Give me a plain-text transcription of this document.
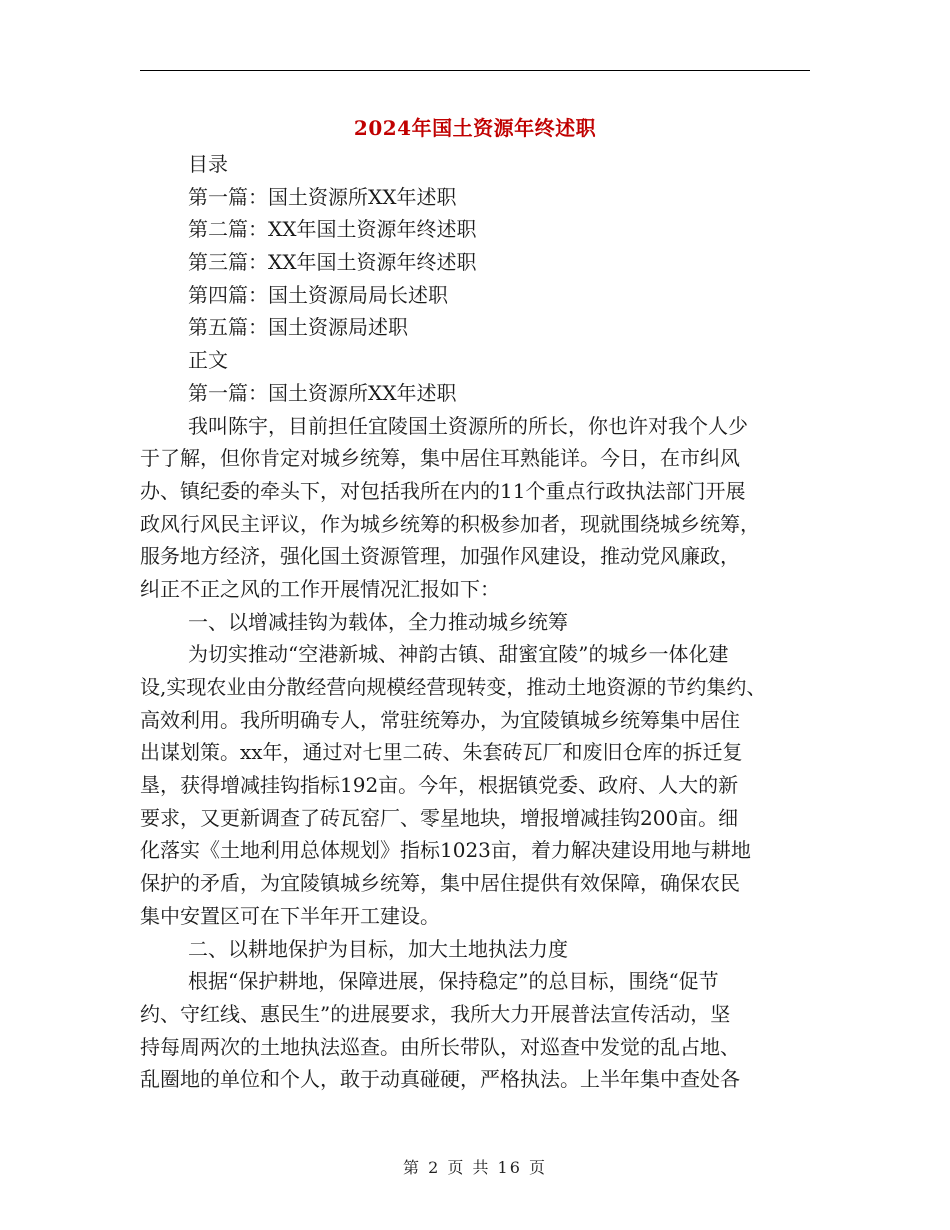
2024年国土资源年终述职
目录
第一篇：国土资源所XX年述职
第二篇：XX年国土资源年终述职
第三篇：XX年国土资源年终述职
第四篇：国土资源局局长述职
第五篇：国土资源局述职
正文
第一篇：国土资源所XX年述职
我叫陈宇，目前担任宜陵国土资源所的所长，你也许对我个人少
于了解，但你肯定对城乡统筹，集中居住耳熟能详。今日，在市纠风
办、镇纪委的牵头下，对包括我所在内的11个重点行政执法部门开展
政风行风民主评议，作为城乡统筹的积极参加者，现就围绕城乡统筹，
服务地方经济，强化国土资源管理，加强作风建设，推动党风廉政，
纠正不正之风的工作开展情况汇报如下：
一、以增减挂钩为载体，全力推动城乡统筹
为切实推动“空港新城、神韵古镇、甜蜜宜陵”的城乡一体化建
设,实现农业由分散经营向规模经营现转变，推动土地资源的节约集约、
高效利用。我所明确专人，常驻统筹办，为宜陵镇城乡统筹集中居住
出谋划策。xx年，通过对七里二砖、朱套砖瓦厂和废旧仓库的拆迁复
垦，获得增减挂钩指标192亩。今年，根据镇党委、政府、人大的新
要求，又更新调查了砖瓦窑厂、零星地块，增报增减挂钩200亩。细
化落实《土地利用总体规划》指标1023亩，着力解决建设用地与耕地
保护的矛盾，为宜陵镇城乡统筹，集中居住提供有效保障，确保农民
集中安置区可在下半年开工建设。
二、以耕地保护为目标，加大土地执法力度
根据“保护耕地，保障进展，保持稳定”的总目标，围绕“促节
约、守红线、惠民生”的进展要求，我所大力开展普法宣传活动，坚
持每周两次的土地执法巡查。由所长带队，对巡查中发觉的乱占地、
乱圈地的单位和个人，敢于动真碰硬，严格执法。上半年集中查处各
第 2 页 共 16 页
